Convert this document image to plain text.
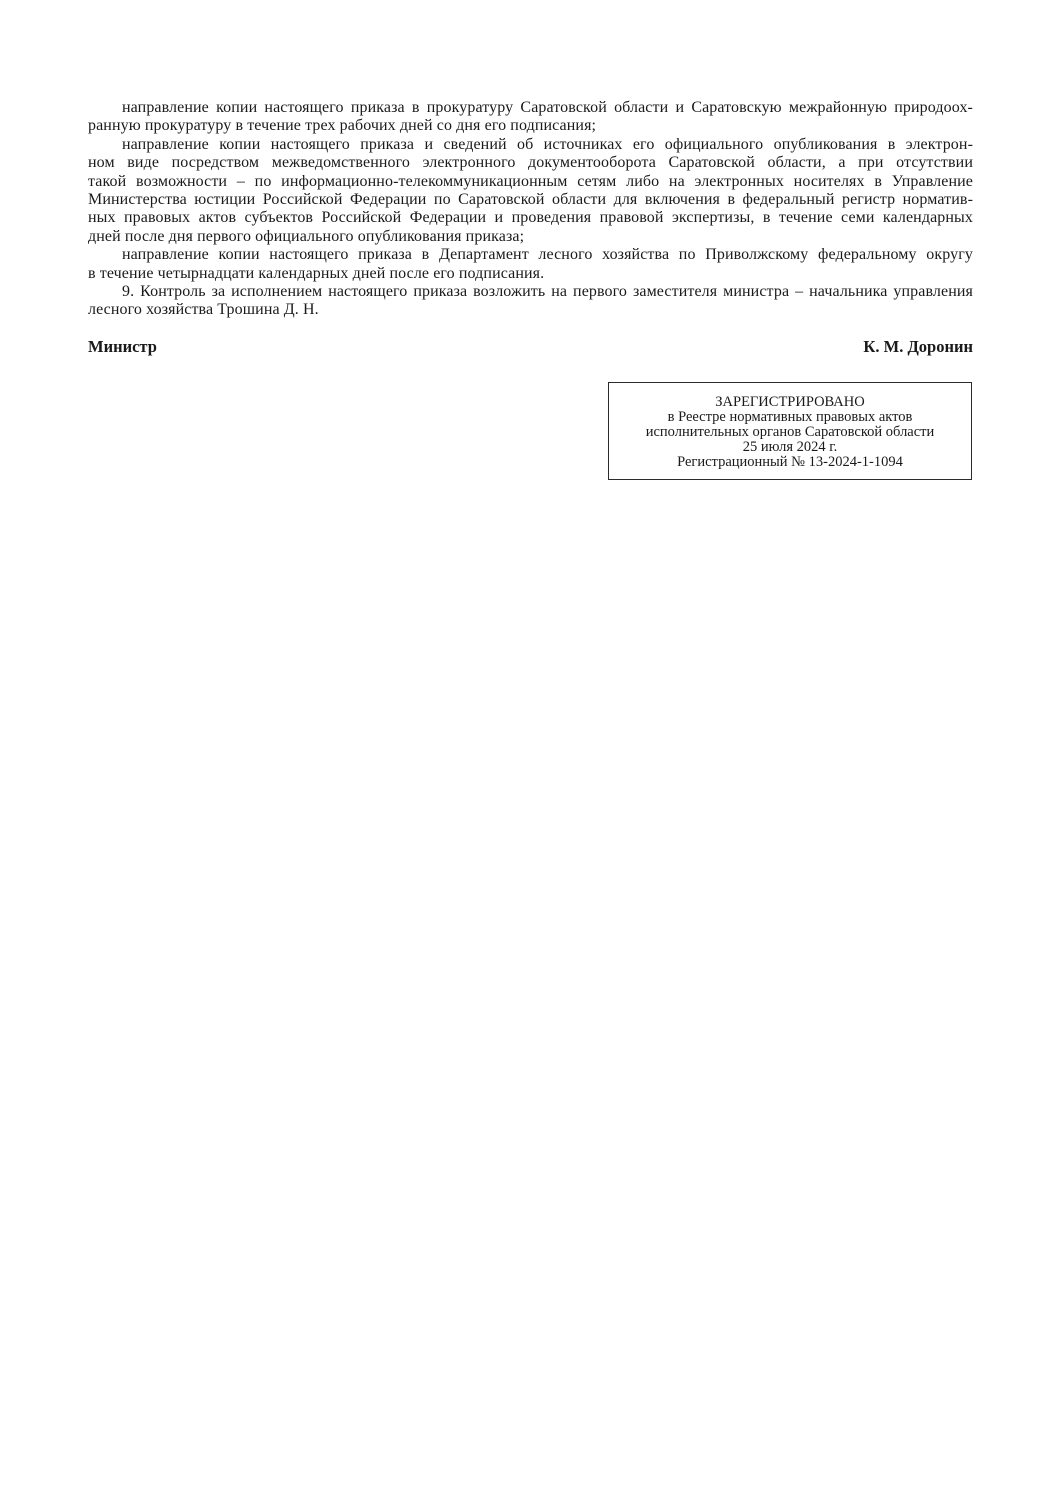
направление копии настоящего приказа в прокуратуру Саратовской области и Саратовскую межрайонную природоох-
ранную прокуратуру в течение трех рабочих дней со дня его подписания;
направление копии настоящего приказа и сведений об источниках его официального опубликования в электрон-
ном виде посредством межведомственного электронного документооборота Саратовской области, а при отсутствии
такой возможности – по информационно-телекоммуникационным сетям либо на электронных носителях в Управление
Министерства юстиции Российской Федерации по Саратовской области для включения в федеральный регистр норматив-
ных правовых актов субъектов Российской Федерации и проведения правовой экспертизы, в течение семи календарных
дней после дня первого официального опубликования приказа;
направление копии настоящего приказа в Департамент лесного хозяйства по Приволжскому федеральному округу
в течение четырнадцати календарных дней после его подписания.
9. Контроль за исполнением настоящего приказа возложить на первого заместителя министра – начальника управления
лесного хозяйства Трошина Д. Н.
Министр	К. М. Доронин
ЗАРЕГИСТРИРОВАНО
в Реестре нормативных правовых актов
исполнительных органов Саратовской области
25 июля 2024 г.
Регистрационный № 13-2024-1-1094
